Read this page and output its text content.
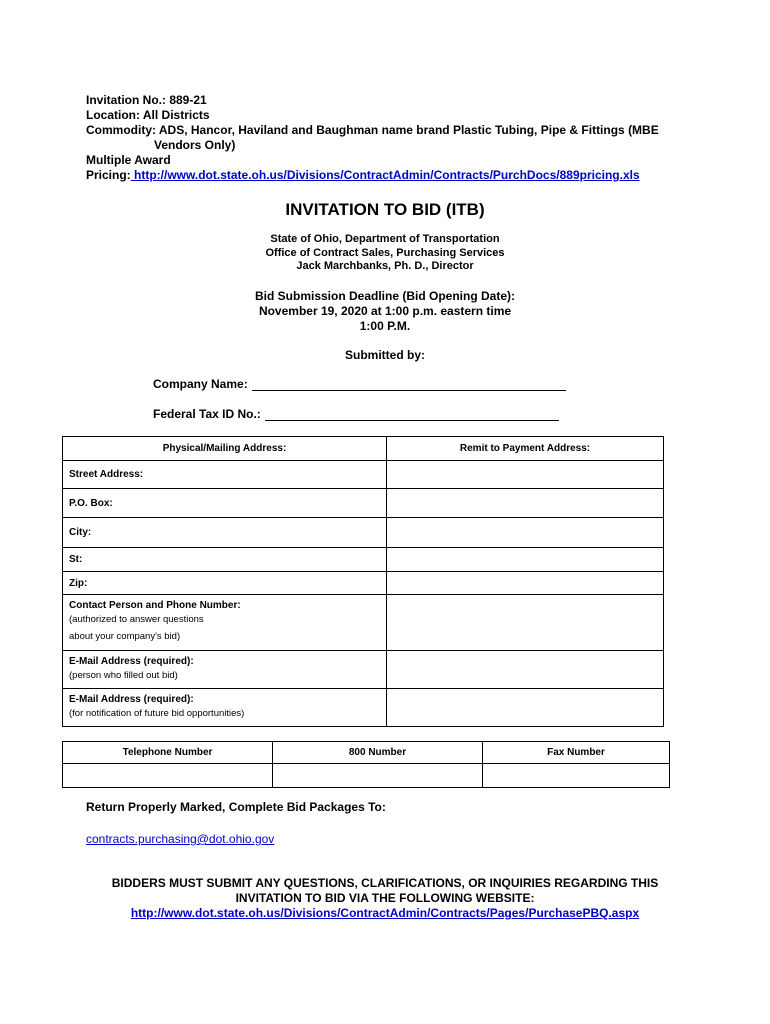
Invitation No.: 889-21
Location: All Districts
Commodity: ADS, Hancor, Haviland and Baughman name brand Plastic Tubing, Pipe & Fittings (MBE
Vendors Only)
Multiple Award
Pricing: http://www.dot.state.oh.us/Divisions/ContractAdmin/Contracts/PurchDocs/889pricing.xls
INVITATION TO BID (ITB)
State of Ohio, Department of Transportation
Office of Contract Sales, Purchasing Services
Jack Marchbanks, Ph. D., Director
Bid Submission Deadline (Bid Opening Date):
November 19, 2020 at 1:00 p.m. eastern time
1:00 P.M.
Submitted by:
Company Name:
Federal Tax ID No.:
Physical/Mailing Address:	Remit to Payment Address:
Street Address:	
P.O. Box:	
City:	
St:	
Zip:	

Contact Person and Phone Number:
(authorized to answer questions
about your company's bid)	

E-Mail Address (required):
(person who filled out bid)	

E-Mail Address (required):
(for notification of future bid opportunities)	

Telephone Number	800 Number	Fax Number

Return Properly Marked, Complete Bid Packages To:
contracts.purchasing@dot.ohio.gov
BIDDERS MUST SUBMIT ANY QUESTIONS, CLARIFICATIONS, OR INQUIRIES REGARDING THIS
INVITATION TO BID VIA THE FOLLOWING WEBSITE:
http://www.dot.state.oh.us/Divisions/ContractAdmin/Contracts/Pages/PurchasePBQ.aspx
